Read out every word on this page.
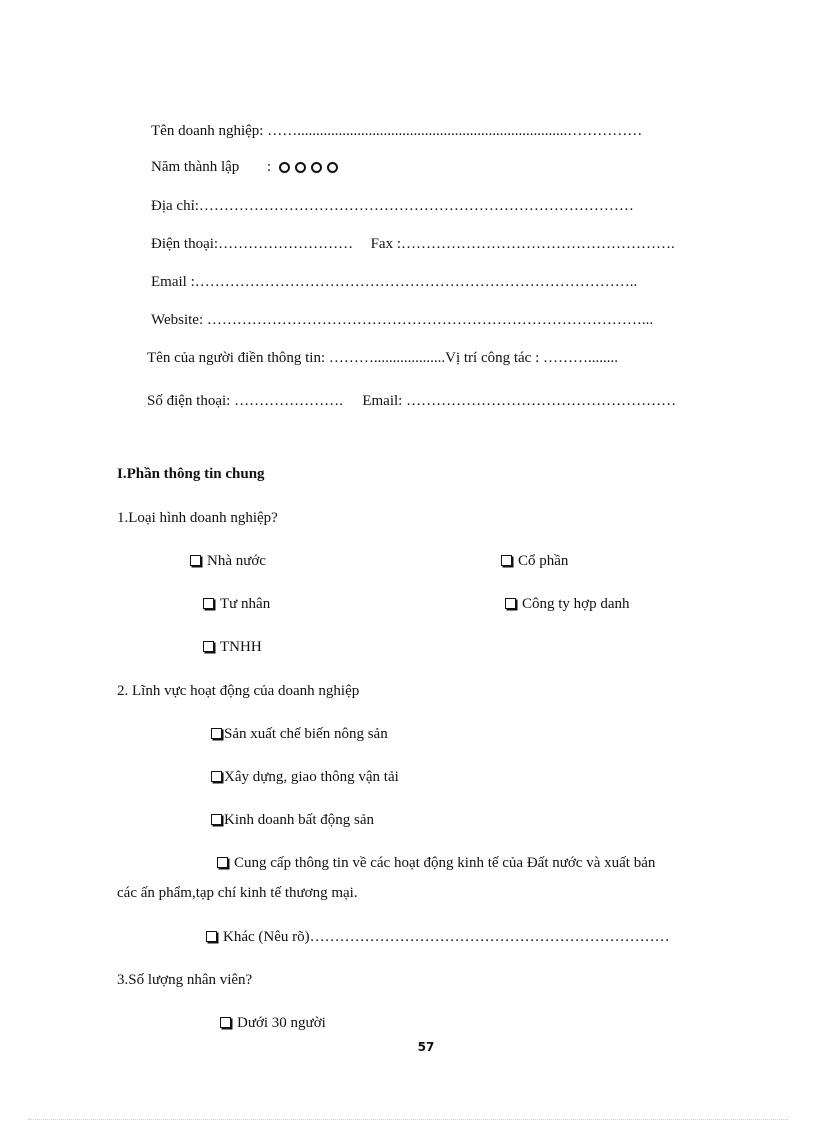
Tên doanh nghiệp: ……........................................................................……………
Năm thành lập :
Địa chỉ:……………………………………………………………………………
Điện thoại:……………………… Fax :……………………………………………….
Email :……………………………………………………………………………..
Website: ……………………………………………………………………………...
Tên của người điền thông tin: ………...................Vị trí công tác : ………........
Số điện thoại: …………………. Email: ………………………………………………
I.Phần thông tin chung
1.Loại hình doanh nghiệp?
Nhà nước	Cổ phần
Tư nhân	Công ty hợp danh
TNHH
2. Lĩnh vực hoạt động của doanh nghiệp
Sản xuất chế biến nông sản
Xây dựng, giao thông vận tải
Kinh doanh bất động sản
Cung cấp thông tin về các hoạt động kinh tế của Đất nước và xuất bản
các ấn phẩm,tạp chí kinh tế thương mại.
Khác (Nêu rõ)………………………………………………………………
3.Số lượng nhân viên?
Dưới 30 người
57
